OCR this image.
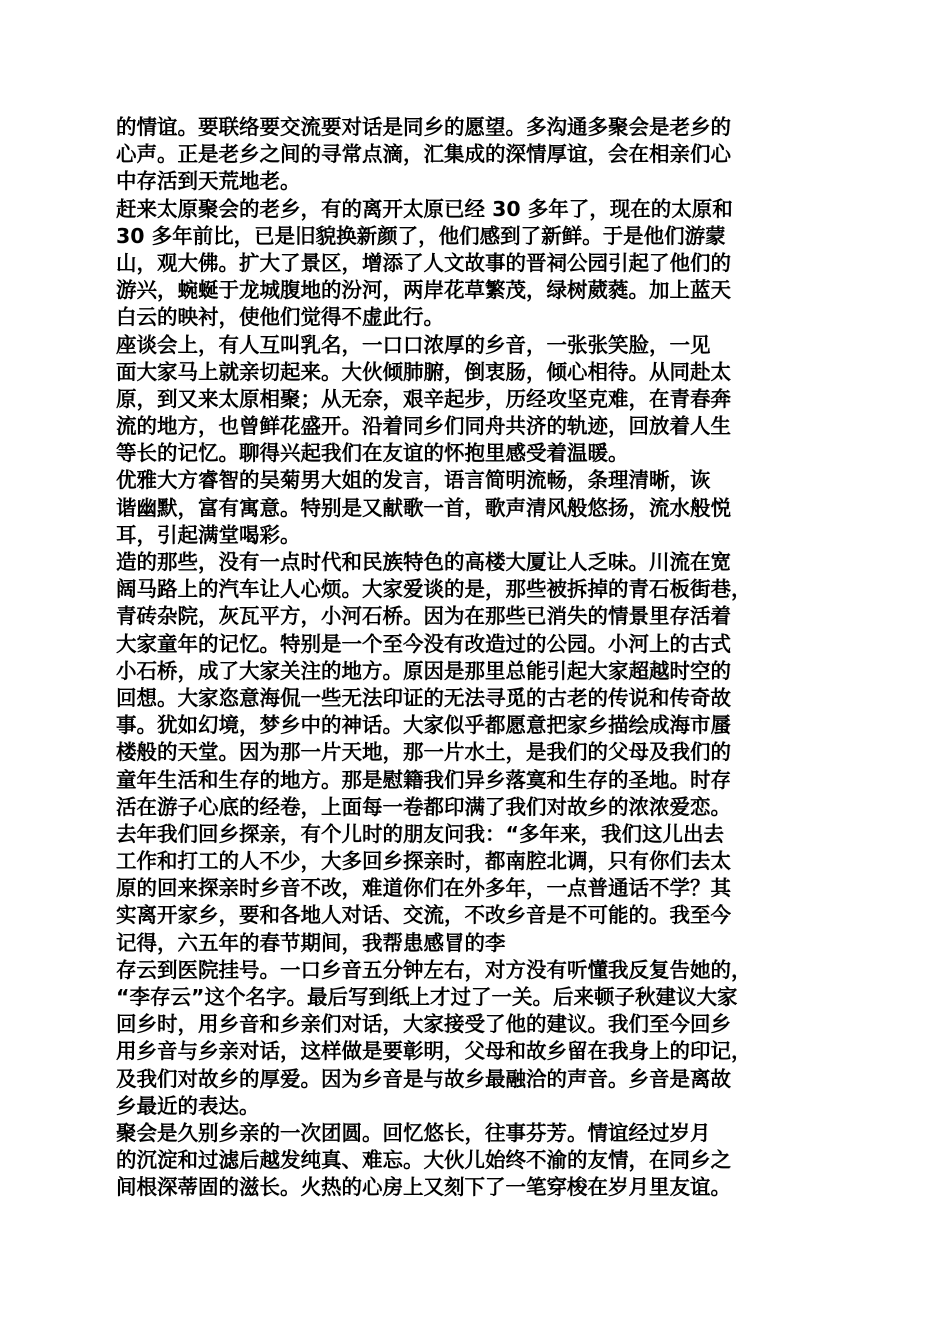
的情谊。要联络要交流要对话是同乡的愿望。多沟通多聚会是老乡的
心声。正是老乡之间的寻常点滴，汇集成的深情厚谊，会在相亲们心
中存活到天荒地老。
赶来太原聚会的老乡，有的离开太原已经 30 多年了，现在的太原和
30 多年前比，已是旧貌换新颜了，他们感到了新鲜。于是他们游蒙
山，观大佛。扩大了景区，增添了人文故事的晋祠公园引起了他们的
游兴，蜿蜒于龙城腹地的汾河，两岸花草繁茂，绿树葳蕤。加上蓝天
白云的映衬，使他们觉得不虚此行。
座谈会上，有人互叫乳名，一口口浓厚的乡音，一张张笑脸，一见
面大家马上就亲切起来。大伙倾肺腑，倒衷肠，倾心相待。从同赴太
原，到又来太原相聚；从无奈，艰辛起步，历经攻坚克难，在青春奔
流的地方，也曾鲜花盛开。沿着同乡们同舟共济的轨迹，回放着人生
等长的记忆。聊得兴起我们在友谊的怀抱里感受着温暖。
优雅大方睿智的吴菊男大姐的发言，语言简明流畅，条理清晰，诙
谐幽默，富有寓意。特别是又献歌一首，歌声清风般悠扬，流水般悦
耳，引起满堂喝彩。
造的那些，没有一点时代和民族特色的高楼大厦让人乏味。川流在宽
阔马路上的汽车让人心烦。大家爱谈的是，那些被拆掉的青石板街巷，
青砖杂院，灰瓦平方，小河石桥。因为在那些已消失的情景里存活着
大家童年的记忆。特别是一个至今没有改造过的公园。小河上的古式
小石桥，成了大家关注的地方。原因是那里总能引起大家超越时空的
回想。大家恣意海侃一些无法印证的无法寻觅的古老的传说和传奇故
事。犹如幻境，梦乡中的神话。大家似乎都愿意把家乡描绘成海市蜃
楼般的天堂。因为那一片天地，那一片水土，是我们的父母及我们的
童年生活和生存的地方。那是慰籍我们异乡落寞和生存的圣地。时存
活在游子心底的经卷，上面每一卷都印满了我们对故乡的浓浓爱恋。
去年我们回乡探亲，有个儿时的朋友问我：“多年来，我们这儿出去
工作和打工的人不少，大多回乡探亲时，都南腔北调，只有你们去太
原的回来探亲时乡音不改，难道你们在外多年，一点普通话不学？其
实离开家乡，要和各地人对话、交流，不改乡音是不可能的。我至今
记得，六五年的春节期间，我帮患感冒的李
存云到医院挂号。一口乡音五分钟左右，对方没有听懂我反复告她的，
“李存云”这个名字。最后写到纸上才过了一关。后来顿子秋建议大家
回乡时，用乡音和乡亲们对话，大家接受了他的建议。我们至今回乡
用乡音与乡亲对话，这样做是要彰明，父母和故乡留在我身上的印记，
及我们对故乡的厚爱。因为乡音是与故乡最融洽的声音。乡音是离故
乡最近的表达。
聚会是久别乡亲的一次团圆。回忆悠长，往事芬芳。情谊经过岁月
的沉淀和过滤后越发纯真、难忘。大伙儿始终不渝的友情，在同乡之
间根深蒂固的滋长。火热的心房上又刻下了一笔穿梭在岁月里友谊。
